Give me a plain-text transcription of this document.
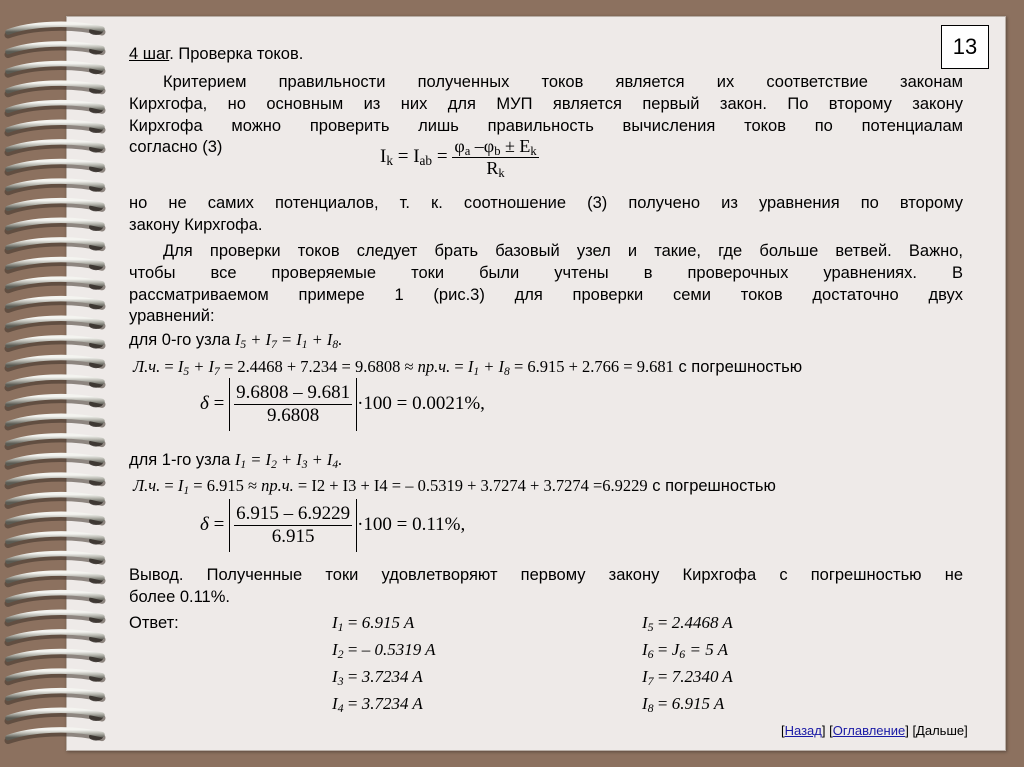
13
4 шаг. Проверка токов.
Критерием правильности полученных токов является их соответствие законам
Кирхгофа, но основным из них для МУП является первый закон. По второму закону
Кирхгофа можно проверить лишь правильность вычисления токов по потенциалам
согласно (3)	$I_k = I_{ab} = \frac{\varphi_a -\varphi_b \pm E_k}{R_k}$
но не самих потенциалов, т. к. соотношение (3) получено из уравнения по второму
закону Кирхгофа.
Для проверки токов следует брать базовый узел и такие, где больше ветвей. Важно,
чтобы все проверяемые токи были учтены в проверочных уравнениях. В
рассматриваемом примере 1 (рис.3) для проверки семи токов достаточно двух
уравнений:
для 0-го узла $I_5 + I_7 = I_1 + I_8$.
Л.ч. = $I_5 + I_7 = 2.4468 + 7.234 = 9.6808 \approx пр.ч$. = $I_1 + I_8 = 6.915 + 2.766 = 9.681$ с погрешностью
$\delta = \frac{9.6808 - 9.681}{9.6808} \cdot 100 = 0.0021\%$,
для 1-го узла $I_1 = I_2 + I_3 + I_4$.
Л.ч. = $I_1 = 6.915 \approx пр.ч$. = I2 + I3 + I4 = – 0.5319 + 3.7274 + 3.7274 =6.9229 с погрешностью
$\delta = \frac{6.915 - 6.9229}{6.915} \cdot 100 = 0.11\%$,
Вывод. Полученные токи удовлетворяют первому закону Кирхгофа с погрешностью не
более 0.11%.
Ответ:	$I_1 = 6.915$ A
$I_2$ = – 0.5319 A
$I_3 = 3.7234$ A
$I_4 = 3.7234$ A
$I_5 = 2.4468$ A
$I_6 = J_6 = 5$ A
$I_7 = 7.2340$ A
$I_8 = 6.915$ A
[Назад] [Оглавление] [Дальше]
